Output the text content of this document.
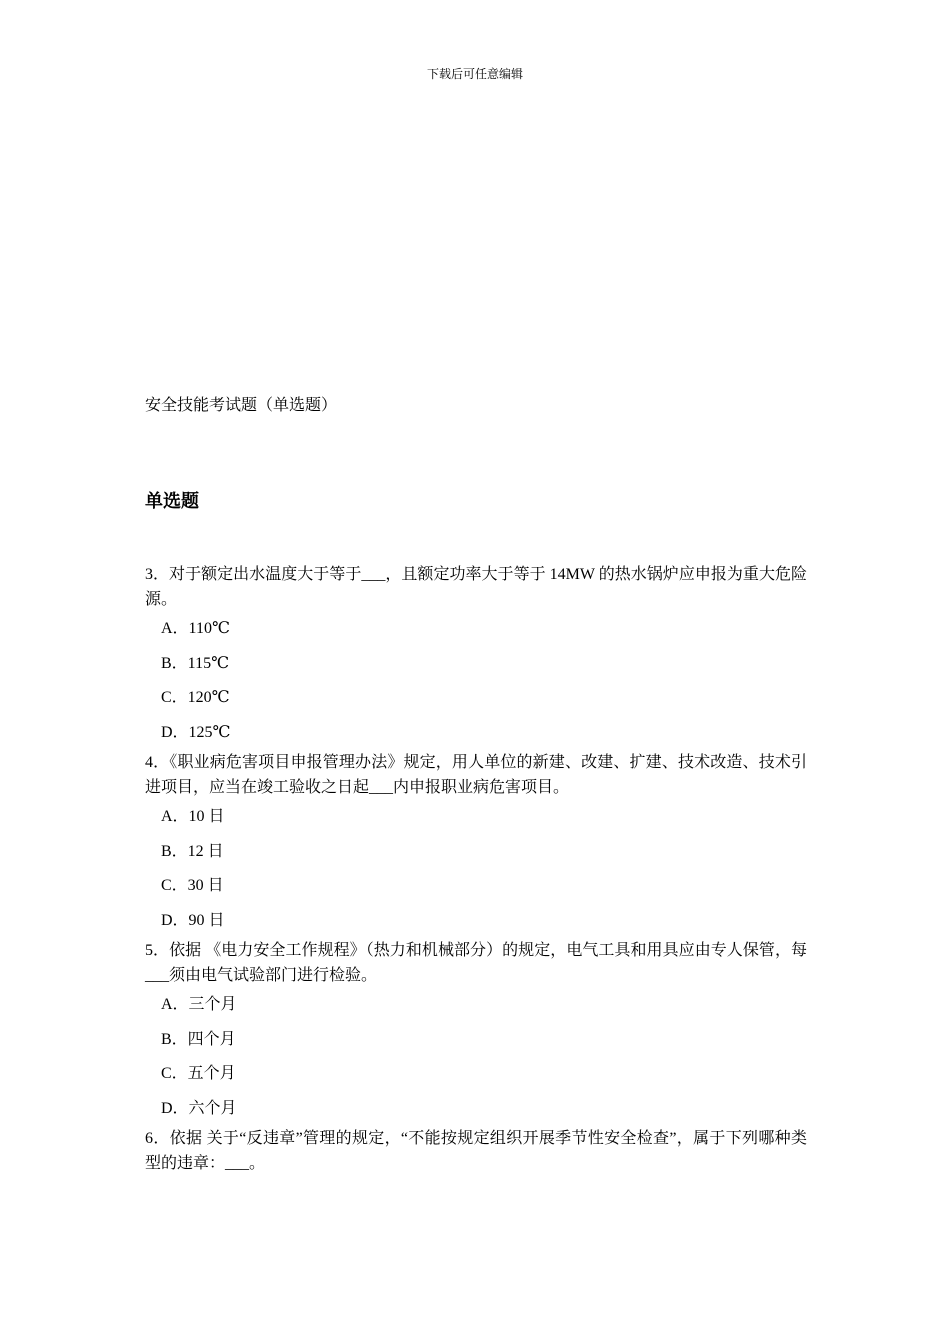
下载后可任意编辑
安全技能考试题（单选题）
单选题

3．对于额定出水温度大于等于___，且额定功率大于等于 14MW 的热水锅炉应申报为重大危险源。

A．110℃
B．115℃
C．120℃
D．125℃

4．《职业病危害项目申报管理办法》规定，用人单位的新建、改建、扩建、技术改造、技术引进项目，应当在竣工验收之日起___内申报职业病危害项目。

A．10 日
B．12 日
C．30 日
D．90 日

5．依据 《电力安全工作规程》（热力和机械部分）的规定，电气工具和用具应由专人保管，每___须由电气试验部门进行检验。

A．三个月
B．四个月
C．五个月
D．六个月

6．依据 关于“反违章”管理的规定，“不能按规定组织开展季节性安全检查”，属于下列哪种类型的违章：___。
